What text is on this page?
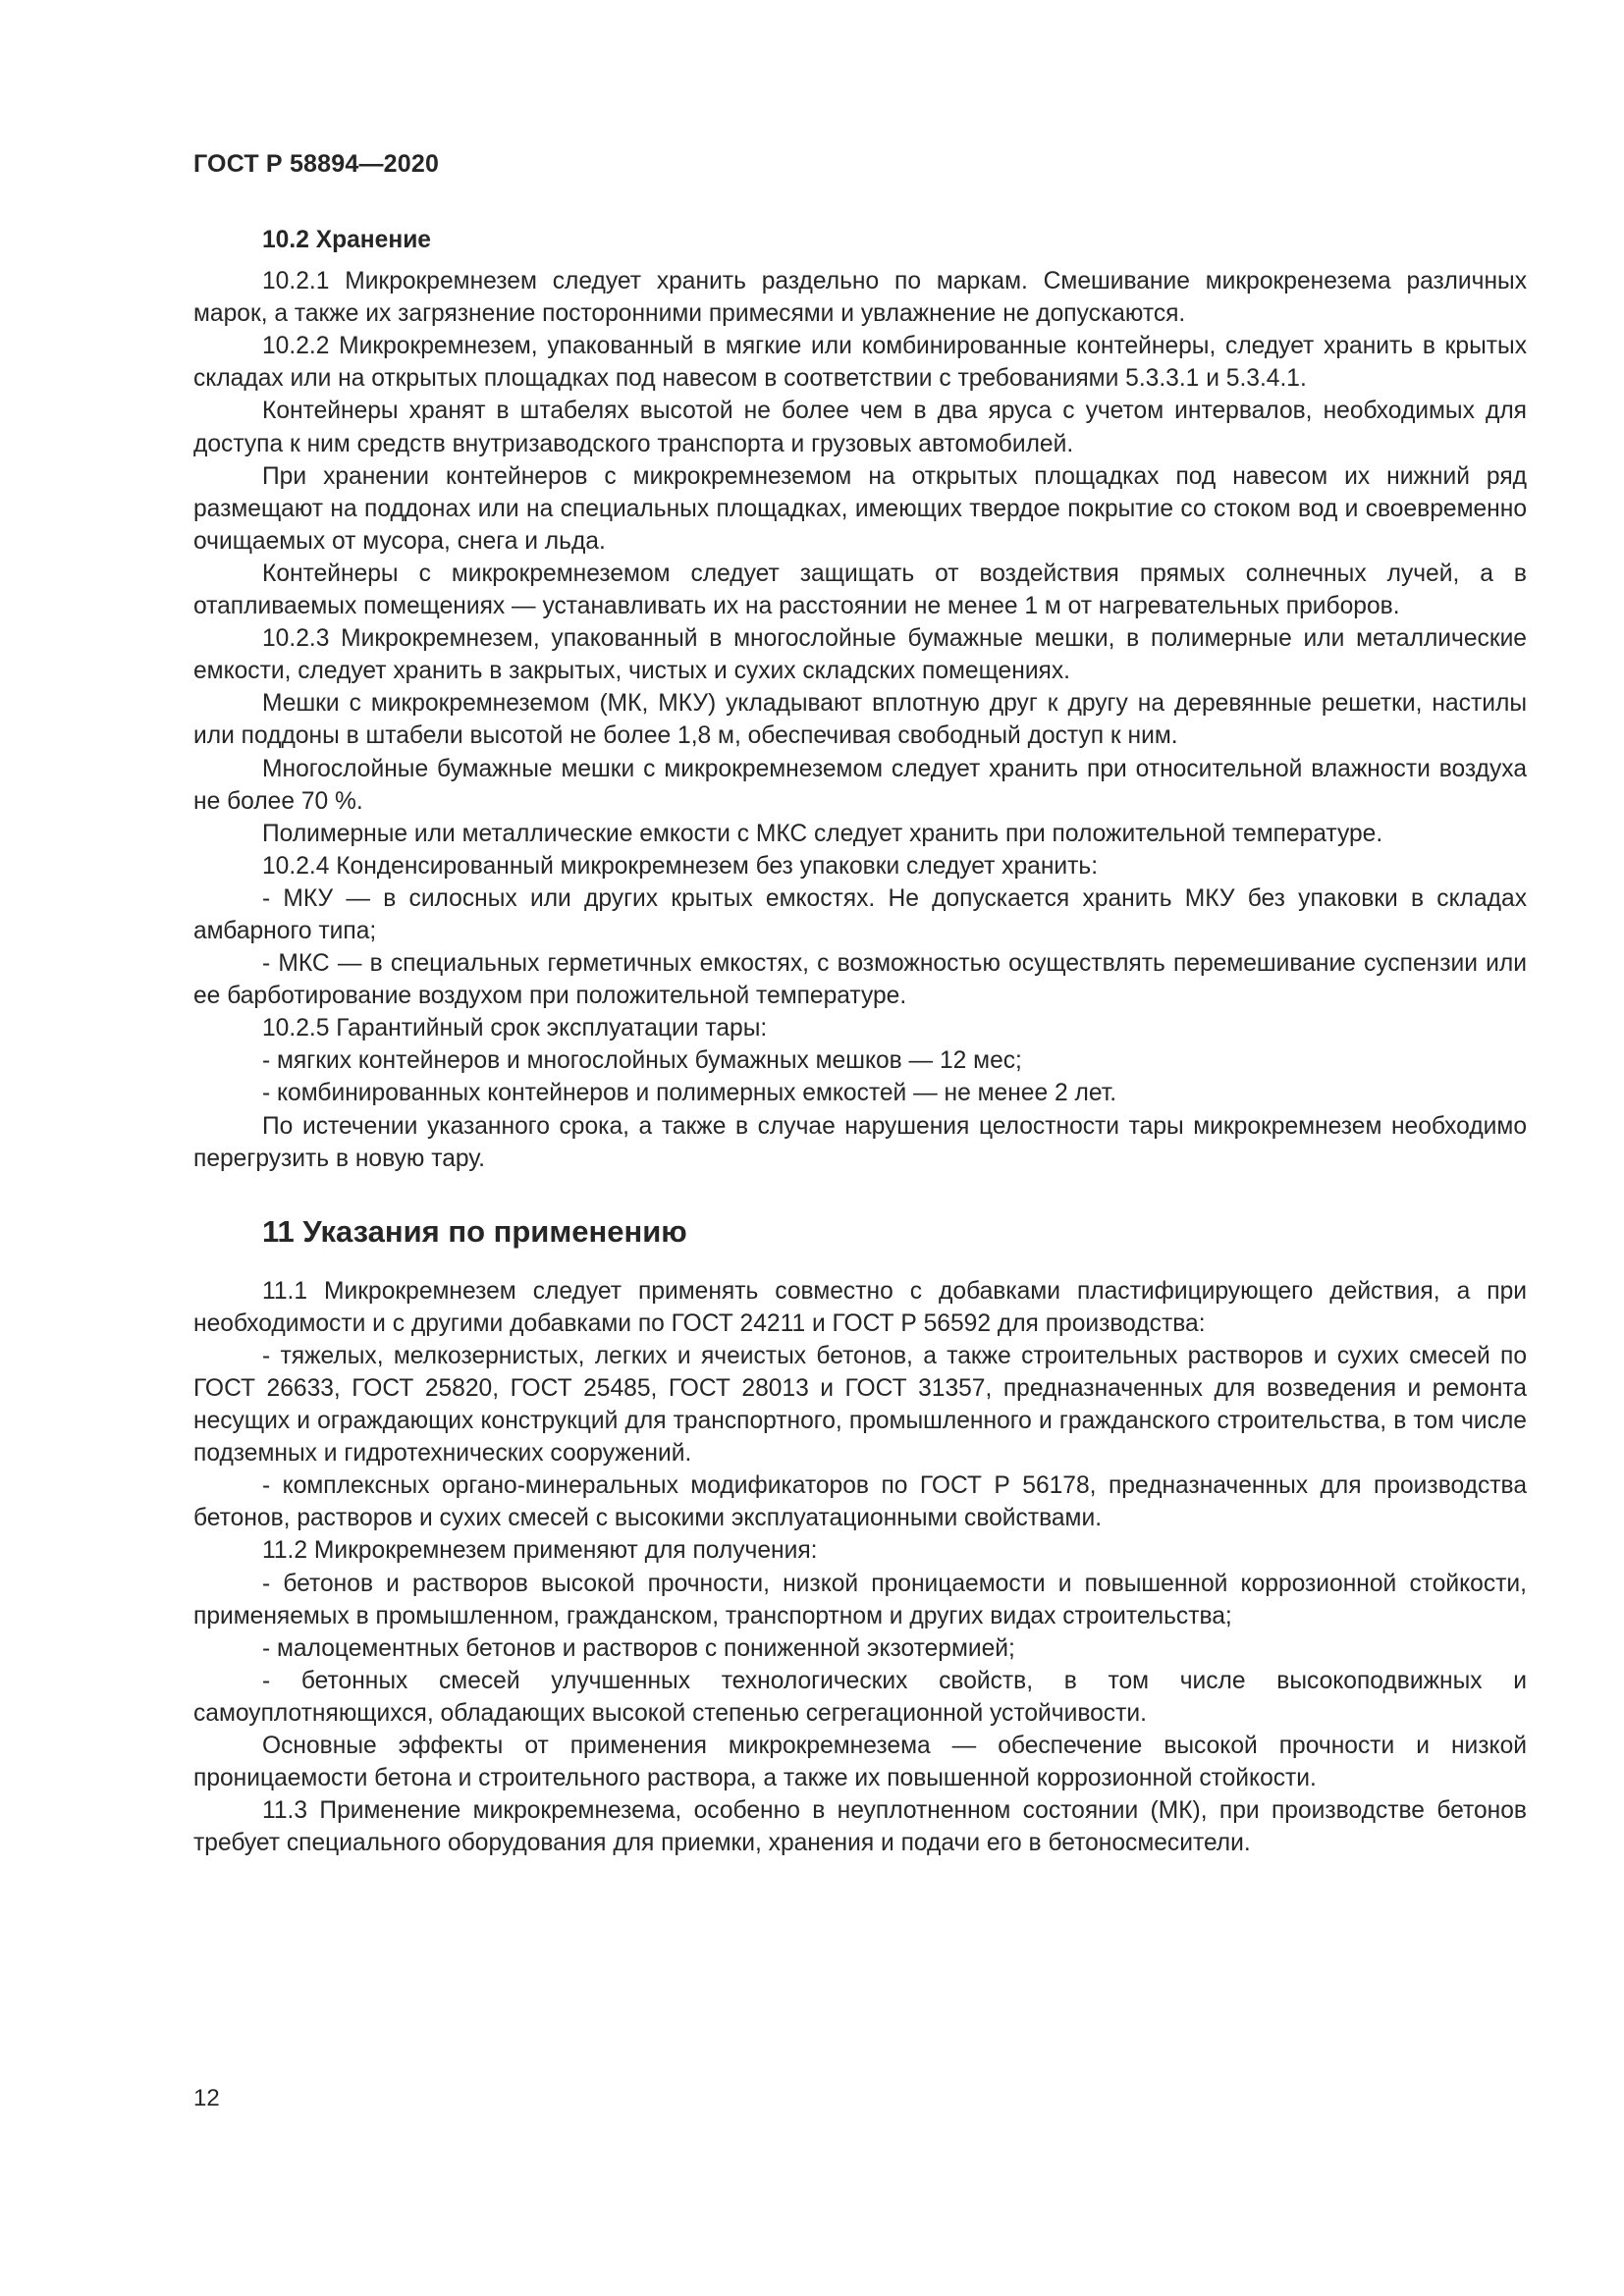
ГОСТ Р 58894—2020

10.2 Хранение

10.2.1 Микрокремнезем следует хранить раздельно по маркам. Смешивание микрокренезема различных марок, а также их загрязнение посторонними примесями и увлажнение не допускаются.

10.2.2 Микрокремнезем, упакованный в мягкие или комбинированные контейнеры, следует хранить в крытых складах или на открытых площадках под навесом в соответствии с требованиями 5.3.3.1 и 5.3.4.1.

Контейнеры хранят в штабелях высотой не более чем в два яруса с учетом интервалов, необходимых для доступа к ним средств внутризаводского транспорта и грузовых автомобилей.

При хранении контейнеров с микрокремнеземом на открытых площадках под навесом их нижний ряд размещают на поддонах или на специальных площадках, имеющих твердое покрытие со стоком вод и своевременно очищаемых от мусора, снега и льда.

Контейнеры с микрокремнеземом следует защищать от воздействия прямых солнечных лучей, а в отапливаемых помещениях — устанавливать их на расстоянии не менее 1 м от нагревательных приборов.

10.2.3 Микрокремнезем, упакованный в многослойные бумажные мешки, в полимерные или металлические емкости, следует хранить в закрытых, чистых и сухих складских помещениях.

Мешки с микрокремнеземом (МК, МКУ) укладывают вплотную друг к другу на деревянные решетки, настилы или поддоны в штабели высотой не более 1,8 м, обеспечивая свободный доступ к ним.

Многослойные бумажные мешки с микрокремнеземом следует хранить при относительной влажности воздуха не более 70 %.

Полимерные или металлические емкости с МКС следует хранить при положительной температуре.

10.2.4 Конденсированный микрокремнезем без упаковки следует хранить:

- МКУ — в силосных или других крытых емкостях. Не допускается хранить МКУ без упаковки в складах амбарного типа;

- МКС — в специальных герметичных емкостях, с возможностью осуществлять перемешивание суспензии или ее барботирование воздухом при положительной температуре.

10.2.5 Гарантийный срок эксплуатации тары:

- мягких контейнеров и многослойных бумажных мешков — 12 мес;

- комбинированных контейнеров и полимерных емкостей — не менее 2 лет.

По истечении указанного срока, а также в случае нарушения целостности тары микрокремнезем необходимо перегрузить в новую тару.

11 Указания по применению

11.1 Микрокремнезем следует применять совместно с добавками пластифицирующего действия, а при необходимости и с другими добавками по ГОСТ 24211 и ГОСТ Р 56592 для производства:

- тяжелых, мелкозернистых, легких и ячеистых бетонов, а также строительных растворов и сухих смесей по ГОСТ 26633, ГОСТ 25820, ГОСТ 25485, ГОСТ 28013 и ГОСТ 31357, предназначенных для возведения и ремонта несущих и ограждающих конструкций для транспортного, промышленного и гражданского строительства, в том числе подземных и гидротехнических сооружений.

- комплексных органо-минеральных модификаторов по ГОСТ Р 56178, предназначенных для производства бетонов, растворов и сухих смесей с высокими эксплуатационными свойствами.

11.2 Микрокремнезем применяют для получения:

- бетонов и растворов высокой прочности, низкой проницаемости и повышенной коррозионной стойкости, применяемых в промышленном, гражданском, транспортном и других видах строительства;

- малоцементных бетонов и растворов с пониженной экзотермией;

- бетонных смесей улучшенных технологических свойств, в том числе высокоподвижных и самоуплотняющихся, обладающих высокой степенью сегрегационной устойчивости.

Основные эффекты от применения микрокремнезема — обеспечение высокой прочности и низкой проницаемости бетона и строительного раствора, а также их повышенной коррозионной стойкости.

11.3 Применение микрокремнезема, особенно в неуплотненном состоянии (МК), при производстве бетонов требует специального оборудования для приемки, хранения и подачи его в бетоносмесители.

12
